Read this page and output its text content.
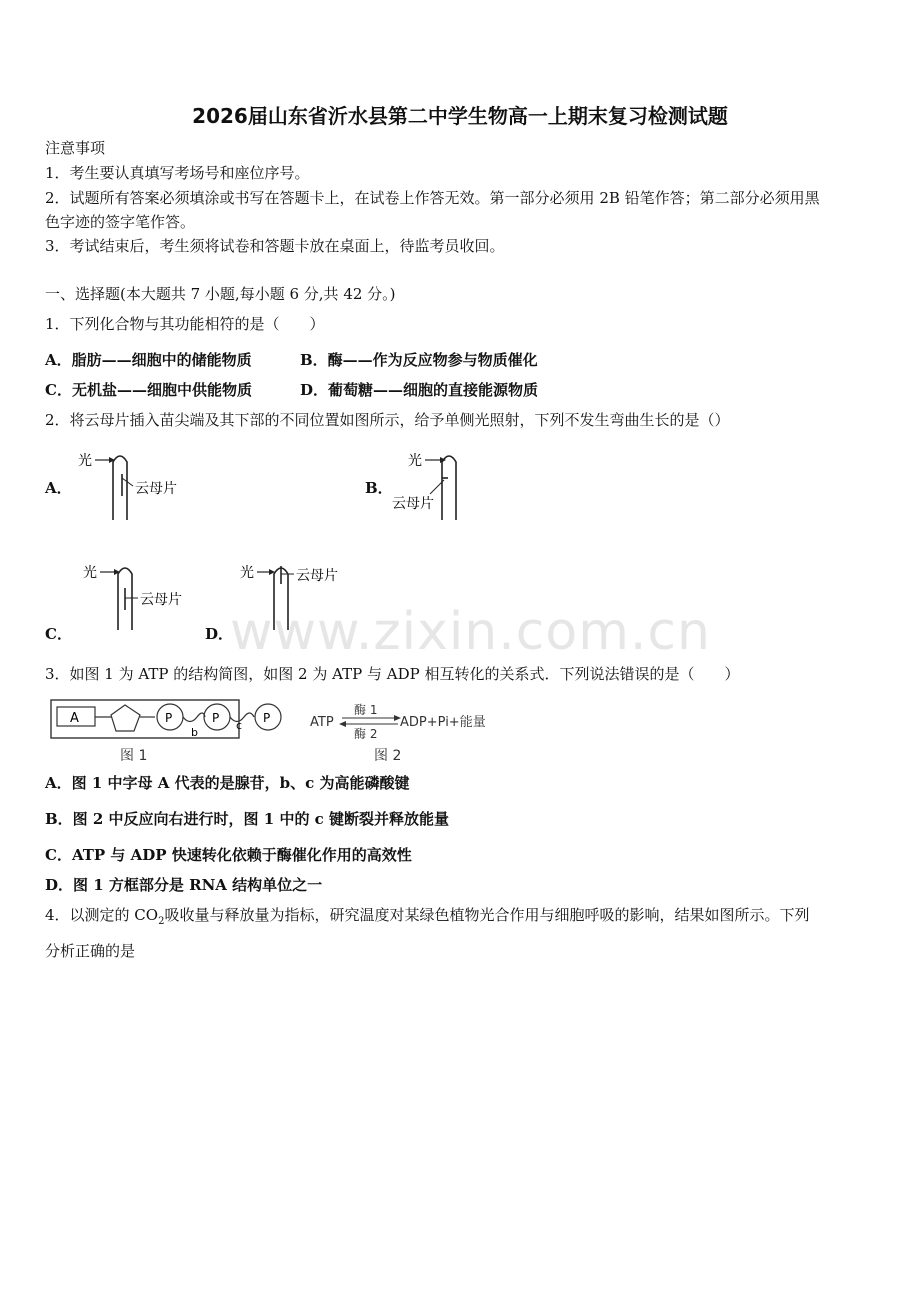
2026届山东省沂水县第二中学生物高一上期末复习检测试题
注意事项
1．考生要认真填写考场号和座位序号。
2．试题所有答案必须填涂或书写在答题卡上，在试卷上作答无效。第一部分必须用 2B 铅笔作答；第二部分必须用黑
色字迹的签字笔作答。
3．考试结束后，考生须将试卷和答题卡放在桌面上，待监考员收回。
一、选择题(本大题共 7 小题,每小题 6 分,共 42 分。)
1．下列化合物与其功能相符的是（　　）
A．脂肪——细胞中的储能物质	B．酶——作为反应物参与物质催化
C．无机盐——细胞中供能物质	D．葡萄糖——细胞的直接能源物质
2．将云母片插入苗尖端及其下部的不同位置如图所示，给予单侧光照射，下列不发生弯曲生长的是（）
A．
光
云母片	B．
光
云母片
C．
光
云母片
D．
光	云母片
www.zixin.com.cn
3．如图 1 为 ATP 的结构简图，如图 2 为 ATP 与 ADP 相互转化的关系式．下列说法错误的是（　　）
A	P
b
P
c
P
图 1
ATP
酶 1
酶 2
ADP+Pi+能量
图 2
A．图 1 中字母 A 代表的是腺苷，b、c 为高能磷酸键
B．图 2 中反应向右进行时，图 1 中的 c 键断裂并释放能量
C．ATP 与 ADP 快速转化依赖于酶催化作用的高效性
D．图 1 方框部分是 RNA 结构单位之一
4．以测定的 $CO_2$吸收量与释放量为指标，研究温度对某绿色植物光合作用与细胞呼吸的影响，结果如图所示。下列
分析正确的是
